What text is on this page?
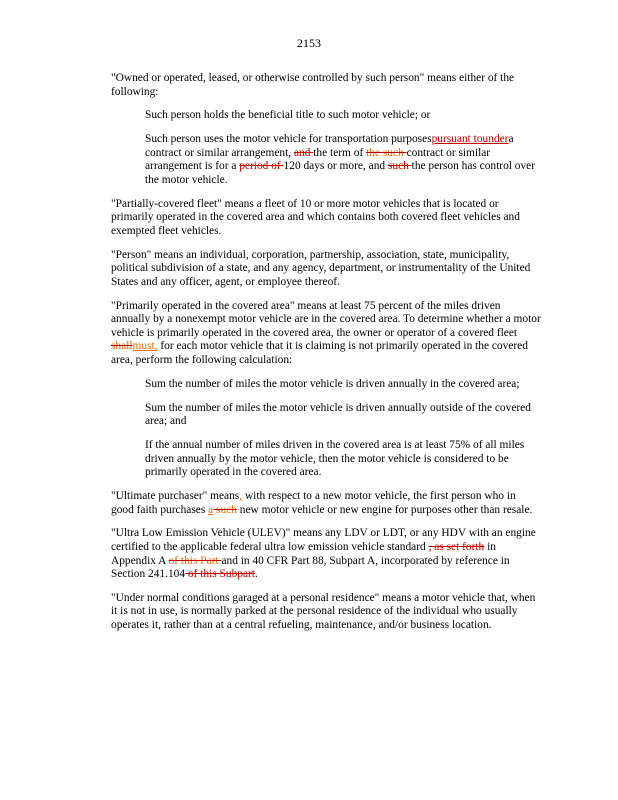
2153

"Owned or operated, leased, or otherwise controlled by such person" means either of the following:

Such person holds the beneficial title to such motor vehicle; or

Such person uses the motor vehicle for transportation purposespursuant toundera contract or similar arrangement, and the term of the such contract or similar arrangement is for a period of 120 days or more, and such the person has control over the motor vehicle.

"Partially-covered fleet" means a fleet of 10 or more motor vehicles that is located or primarily operated in the covered area and which contains both covered fleet vehicles and exempted fleet vehicles.

"Person" means an individual, corporation, partnership, association, state, municipality, political subdivision of a state, and any agency, department, or instrumentality of the United States and any officer, agent, or employee thereof.

"Primarily operated in the covered area" means at least 75 percent of the miles driven annually by a nonexempt motor vehicle are in the covered area. To determine whether a motor vehicle is primarily operated in the covered area, the owner or operator of a covered fleet shallmust, for each motor vehicle that it is claiming is not primarily operated in the covered area, perform the following calculation:

Sum the number of miles the motor vehicle is driven annually in the covered area;

Sum the number of miles the motor vehicle is driven annually outside of the covered area; and

If the annual number of miles driven in the covered area is at least 75% of all miles driven annually by the motor vehicle, then the motor vehicle is considered to be primarily operated in the covered area.

"Ultimate purchaser" means, with respect to a new motor vehicle, the first person who in good faith purchases a such new motor vehicle or new engine for purposes other than resale.

"Ultra Low Emission Vehicle (ULEV)" means any LDV or LDT, or any HDV with an engine certified to the applicable federal ultra low emission vehicle standard , as set forth in Appendix A of this Part and in 40 CFR Part 88, Subpart A, incorporated by reference in Section 241.104 of this Subpart.

"Under normal conditions garaged at a personal residence" means a motor vehicle that, when it is not in use, is normally parked at the personal residence of the individual who usually operates it, rather than at a central refueling, maintenance, and/or business location.
